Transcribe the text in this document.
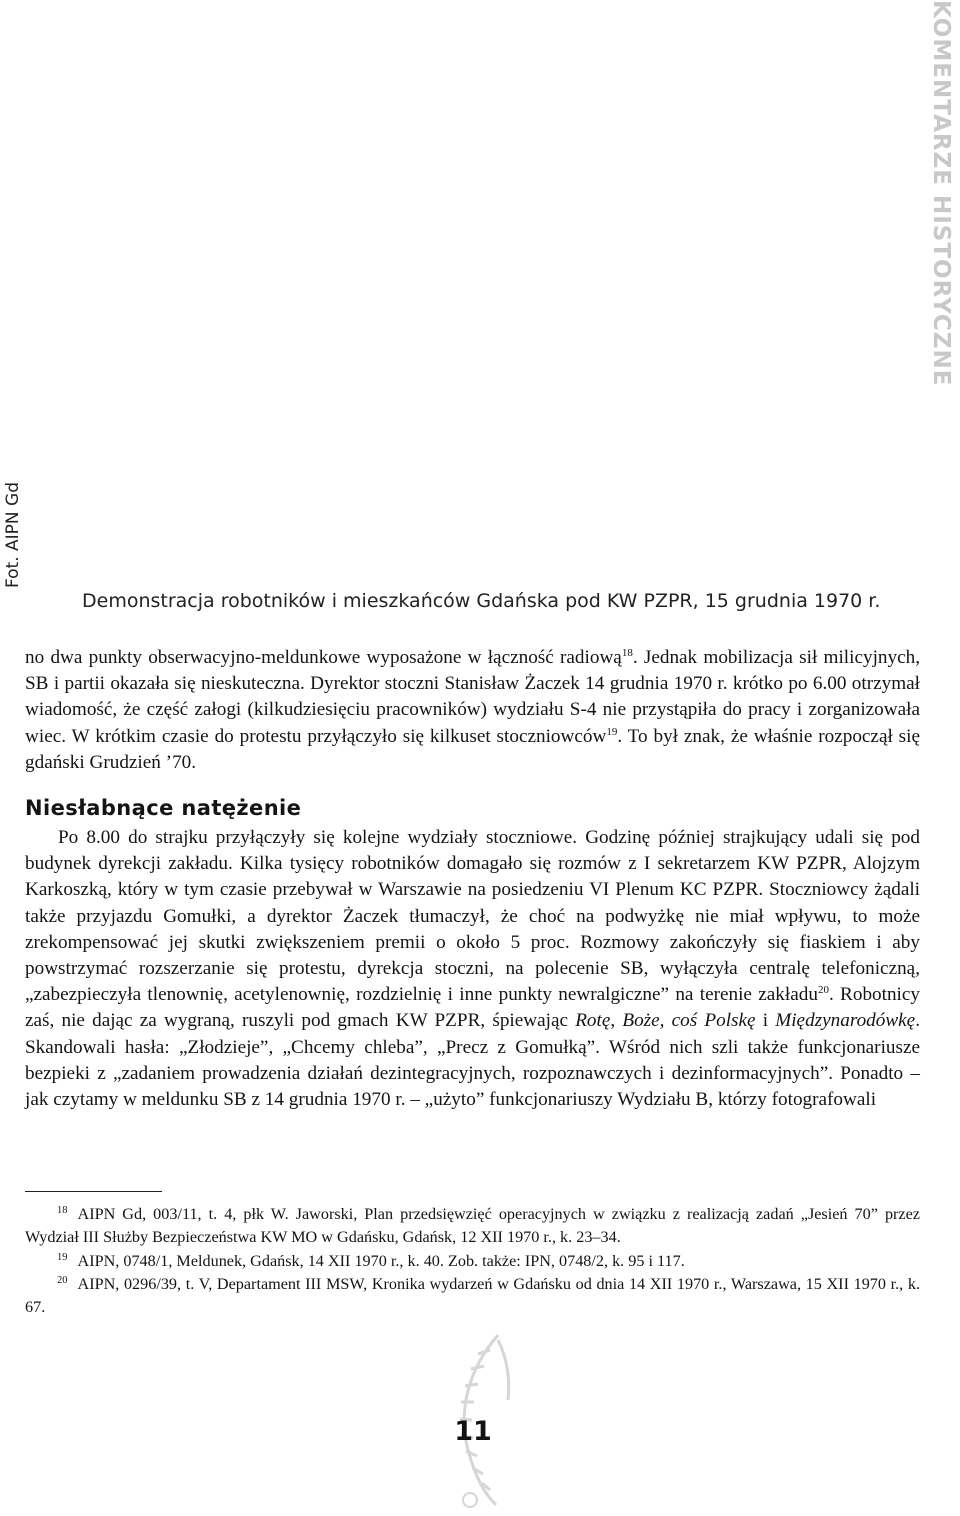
KOMENTARZE HISTORYCZNE
Fot. AIPN Gd
Demonstracja robotników i mieszkańców Gdańska pod KW PZPR, 15 grudnia 1970 r.

no dwa punkty obserwacyjno-meldunkowe wyposażone w łączność radiową$^{18}$. Jednak mobilizacja sił milicyjnych, SB i partii okazała się nieskuteczna. Dyrektor stoczni Stanisław Żaczek 14 grudnia 1970 r. krótko po 6.00 otrzymał wiadomość, że część załogi (kilkudziesięciu pracowników) wydziału S-4 nie przystąpiła do pracy i zorganizowała wiec. W krótkim czasie do protestu przyłączyło się kilkuset stoczniowców$^{19}$. To był znak, że właśnie rozpoczął się gdański Grudzień ’70.

Niesłabnące natężenie

Po 8.00 do strajku przyłączyły się kolejne wydziały stoczniowe. Godzinę później strajkujący udali się pod budynek dyrekcji zakładu. Kilka tysięcy robotników domagało się rozmów z I sekretarzem KW PZPR, Alojzym Karkoszką, który w tym czasie przebywał w Warszawie na posiedzeniu VI Plenum KC PZPR. Stoczniowcy żądali także przyjazdu Gomułki, a dyrektor Żaczek tłumaczył, że choć na podwyżkę nie miał wpływu, to może zrekompensować jej skutki zwiększeniem premii o około 5 proc. Rozmowy zakończyły się fiaskiem i aby powstrzymać rozszerzanie się protestu, dyrekcja stoczni, na polecenie SB, wyłączyła centralę telefoniczną, „zabezpieczyła tlenownię, acetylenownię, rozdzielnię i inne punkty newralgiczne” na terenie zakładu$^{20}$. Robotnicy zaś, nie dając za wygraną, ruszyli pod gmach KW PZPR, śpiewając Rotę, Boże, coś Polskę i Międzynarodówkę. Skandowali hasła: „Złodzieje”, „Chcemy chleba”, „Precz z Gomułką”. Wśród nich szli także funkcjonariusze bezpieki z „zadaniem prowadzenia działań dezintegracyjnych, rozpoznawczych i dezinformacyjnych”. Ponadto – jak czytamy w meldunku SB z 14 grudnia 1970 r. – „użyto” funkcjonariuszy Wydziału B, którzy fotografowali

$^{18}$ AIPN Gd, 003/11, t. 4, płk W. Jaworski, Plan przedsięwzięć operacyjnych w związku z realizacją zadań „Jesień 70” przez Wydział III Służby Bezpieczeństwa KW MO w Gdańsku, Gdańsk, 12 XII 1970 r., k. 23–34.

$^{19}$ AIPN, 0748/1, Meldunek, Gdańsk, 14 XII 1970 r., k. 40. Zob. także: IPN, 0748/2, k. 95 i 117.

$^{20}$ AIPN, 0296/39, t. V, Departament III MSW, Kronika wydarzeń w Gdańsku od dnia 14 XII 1970 r., Warszawa, 15 XII 1970 r., k. 67.

11
